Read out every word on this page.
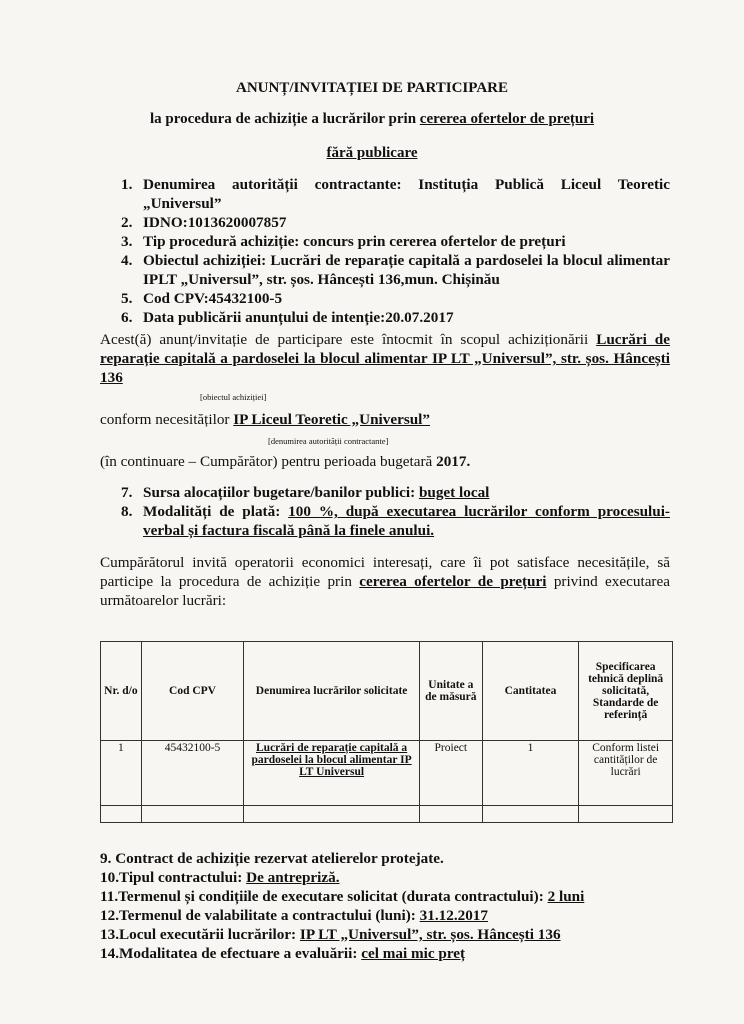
ANUNȚ/INVITAȚIEI DE PARTICIPARE
la procedura de achiziție a lucrărilor prin cererea ofertelor de prețuri
fără publicare
1. Denumirea autorității contractante: Instituția Publică Liceul Teoretic „Universul”
2. IDNO:1013620007857
3. Tip procedură achiziție: concurs prin cererea ofertelor de prețuri
4. Obiectul achiziției: Lucrări de reparație capitală a pardoselei la blocul alimentar IPLT „Universul”, str. șos. Hâncești 136,mun. Chișinău
5. Cod CPV:45432100-5
6. Data publicării anunțului de intenție:20.07.2017
Acest(ă) anunț/invitație de participare este întocmit în scopul achiziționării Lucrări de reparație capitală a pardoselei la blocul alimentar IP LT „Universul”, str. șos. Hâncești 136
[obiectul achiziției]
conform necesităților IP Liceul Teoretic „Universul”
[denumirea autorității contractante]
(în continuare – Cumpărător) pentru perioada bugetară 2017.
7. Sursa alocațiilor bugetare/banilor publici: buget local
8. Modalități de plată: 100 %, după executarea lucrărilor conform procesului-verbal și factura fiscală până la finele anului.
Cumpărătorul invită operatorii economici interesați, care îi pot satisface necesitățile, să participe la procedura de achiziție prin cererea ofertelor de prețuri privind executarea următoarelor lucrări:
Nr. d/o	Cod CPV	Denumirea lucrărilor solicitate	Unitate a de măsură	Cantitatea	Specificarea tehnică deplină solicitată, Standarde de referință
1	45432100-5	Lucrări de reparație capitală a pardoselei la blocul alimentar IP LT Universul	Proiect	1	Conform listei cantităților de lucrări

9. Contract de achiziție rezervat atelierelor protejate.
10.Tipul contractului: De antrepriză.
11.Termenul și condițiile de executare solicitat (durata contractului): 2 luni
12.Termenul de valabilitate a contractului (luni): 31.12.2017
13.Locul executării lucrărilor: IP LT „Universul”, str. șos. Hâncești 136
14.Modalitatea de efectuare a evaluării: cel mai mic preț
